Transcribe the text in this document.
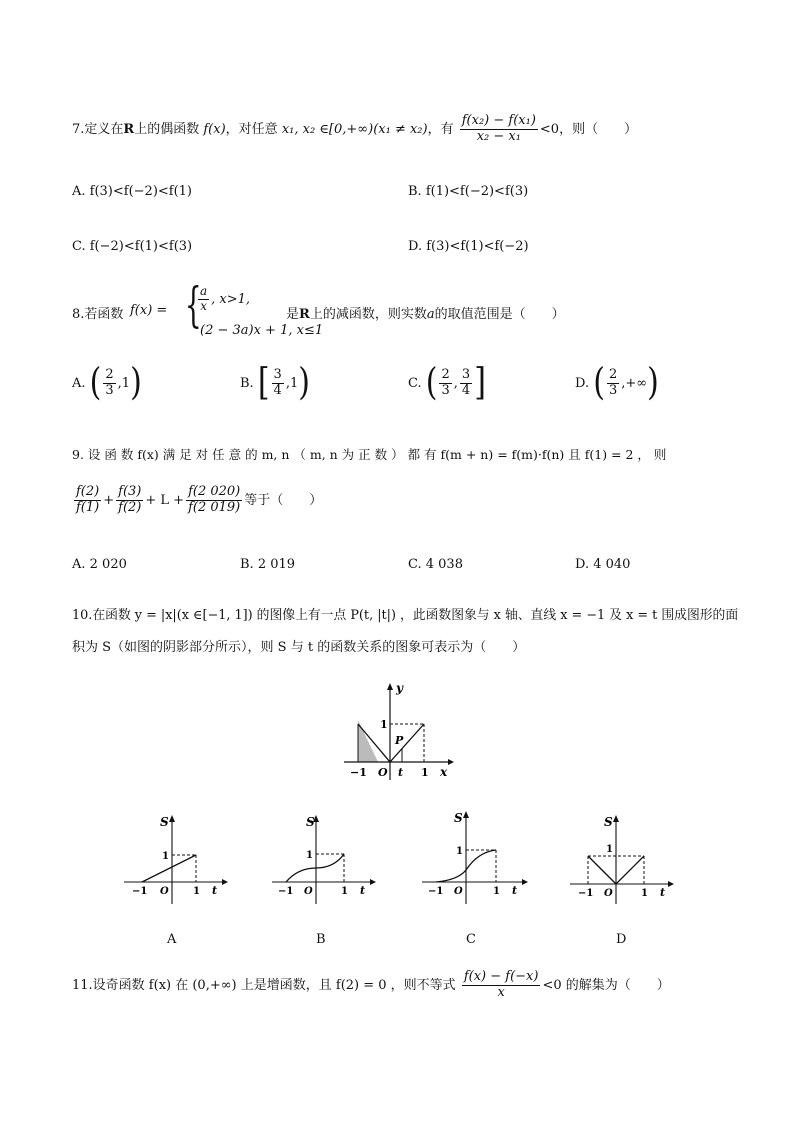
7.定义在R上的偶函数 f(x)，对任意 x₁, x₂ ∈[0,+∞)(x₁ ≠ x₂)，有 $\frac{\text{f(x₂) − f(x₁)}}{\text{x₂ − x₁}} <0$，则（　　）
A. f(3)<f(−2)<f(1)	B. f(1)<f(−2)<f(3)
C. f(−2)<f(1)<f(3)	D. f(3)<f(1)<f(−2)
8.若函数 f(x) = {
$\frac{a}{x}$ , x>1,
(2 − 3a)x + 1, x≤1
是R上的减函数，则实数a的取值范围是（　　）
A. ( $\frac{2}{3} ,1$ )	B. [ $\frac{3}{4} ,1$ )	C. ( $\frac{2}{3}$ , $\frac{3}{4}$ ]	D. ( $\frac{2}{3}$ ,+∞ )
9. 设 函 数 f(x) 满 足 对 任 意 的 m, n （ m, n 为 正 数 ） 都 有 f(m + n) = f(m)·f(n) 且 f(1) = 2 ， 则
$\frac{f(2)}{f(1)} + \frac{f(3)}{f(2)} + L + \frac{f(2 020)}{f(2 019)}$ 等于（　　）
A. 2 020	B. 2 019	C. 4 038	D. 4 040
10.在函数 y = |x|(x ∈[−1, 1]) 的图像上有一点 P(t, |t|) ，此函数图象与 x 轴、直线 x = −1 及 x = t 围成图形的面
积为 S（如图的阴影部分所示），则 S 与 t 的函数关系的图象可表示为（　　）
y
1
P
−1 O t 1 x
S
1
−1 O 1 t
A
S
1
−1 O	1 t
B
S
1
−1 O	1 t
C
S
1
−1 O	1 t
D
11.设奇函数 f(x) 在 (0,+∞) 上是增函数，且 f(2) = 0 ，则不等式 $\frac{f(x) - f(-x)}{x} <0$ 的解集为（　　）
